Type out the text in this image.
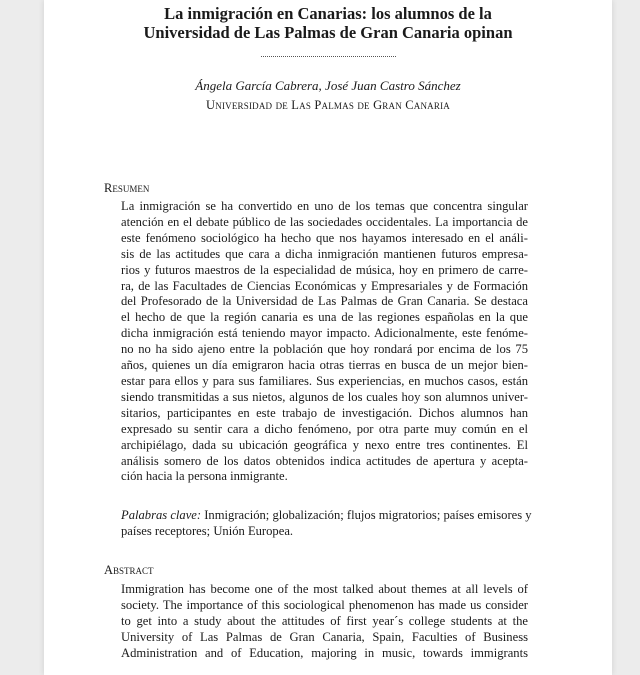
La inmigración en Canarias: los alumnos de la
Universidad de Las Palmas de Gran Canaria opinan
Ángela García Cabrera, José Juan Castro Sánchez
Universidad de Las Palmas de Gran Canaria
Resumen
La inmigración se ha convertido en uno de los temas que concentra singular
atención en el debate público de las sociedades occidentales. La importancia de
este fenómeno sociológico ha hecho que nos hayamos interesado en el análi-
sis de las actitudes que cara a dicha inmigración mantienen futuros empresa-
rios y futuros maestros de la especialidad de música, hoy en primero de carre-
ra, de las Facultades de Ciencias Económicas y Empresariales y de Formación
del Profesorado de la Universidad de Las Palmas de Gran Canaria. Se destaca
el hecho de que la región canaria es una de las regiones españolas en la que
dicha inmigración está teniendo mayor impacto. Adicionalmente, este fenóme-
no no ha sido ajeno entre la población que hoy rondará por encima de los 75
años, quienes un día emigraron hacia otras tierras en busca de un mejor bien-
estar para ellos y para sus familiares. Sus experiencias, en muchos casos, están
siendo transmitidas a sus nietos, algunos de los cuales hoy son alumnos univer-
sitarios, participantes en este trabajo de investigación. Dichos alumnos han
expresado su sentir cara a dicho fenómeno, por otra parte muy común en el
archipiélago, dada su ubicación geográfica y nexo entre tres continentes. El
análisis somero de los datos obtenidos indica actitudes de apertura y acepta-
ción hacia la persona inmigrante.
Palabras clave: Inmigración; globalización; flujos migratorios; países emisores y
países receptores; Unión Europea.
Abstract
Immigration has become one of the most talked about themes at all levels of
society. The importance of this sociological phenomenon has made us consider
to get into a study about the attitudes of first year´s college students at the
University of Las Palmas de Gran Canaria, Spain, Faculties of Business
Administration and of Education, majoring in music, towards immigrants
